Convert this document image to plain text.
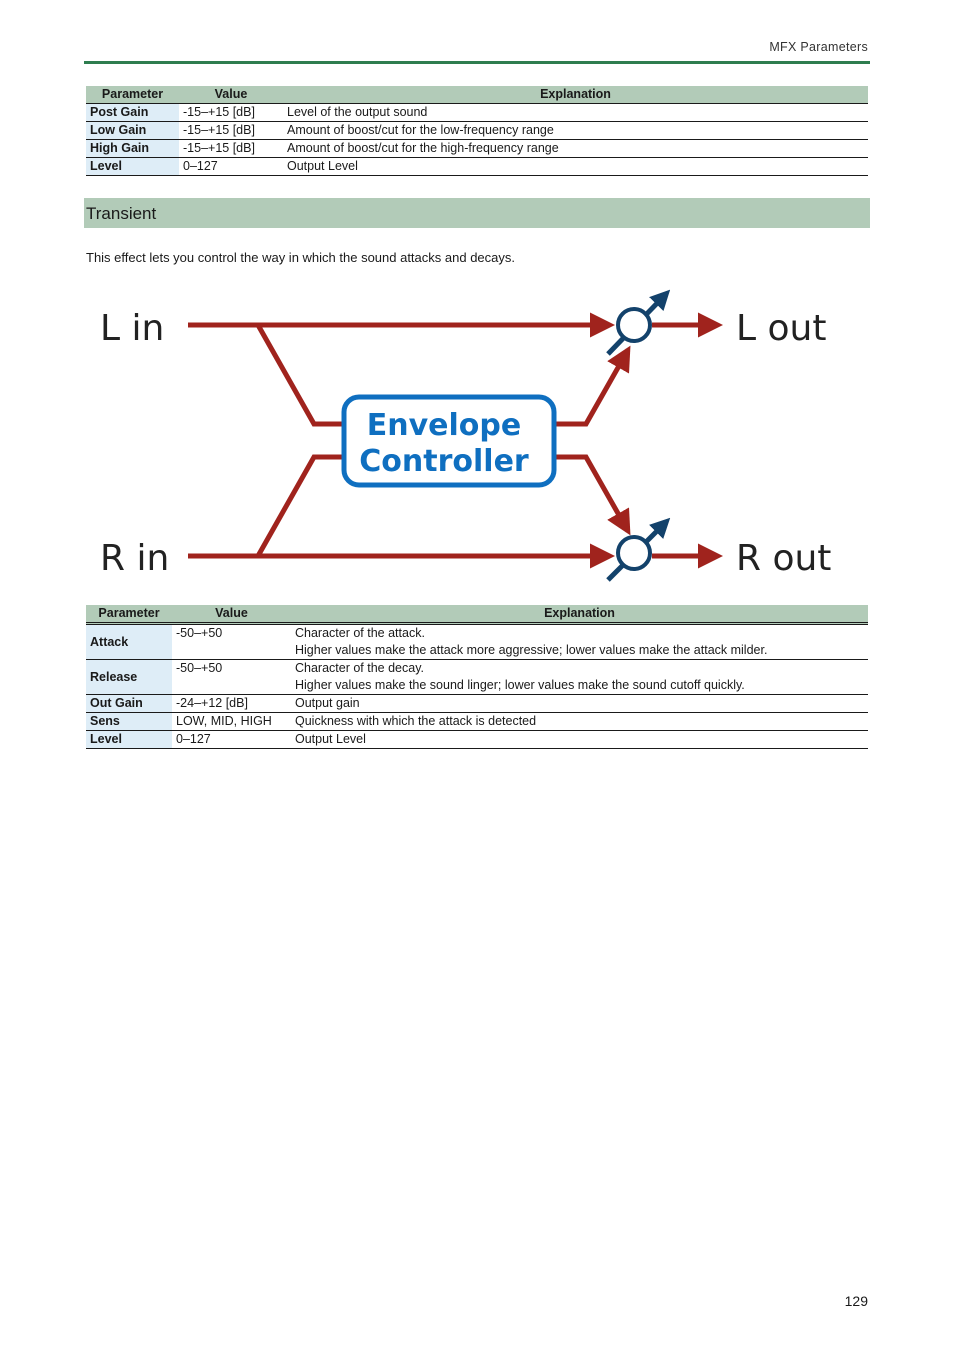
MFX Parameters
Parameter	Value	Explanation
Post Gain	-15–+15 [dB]	Level of the output sound
Low Gain	-15–+15 [dB]	Amount of boost/cut for the low-frequency range
High Gain	-15–+15 [dB]	Amount of boost/cut for the high-frequency range
Level	0–127	Output Level
Transient
This effect lets you control the way in which the sound attacks and decays.
L in
R in
L out
R out
Envelope
Controller
Parameter	Value	Explanation
Attack	-50–+50	Character of the attack.
Higher values make the attack more aggressive; lower values make the attack milder.

Release	-50–+50	Character of the decay.
Higher values make the sound linger; lower values make the sound cutoff quickly.

Out Gain	-24–+12 [dB]	Output gain
Sens	LOW, MID, HIGH	Quickness with which the attack is detected
Level	0–127	Output Level
129
